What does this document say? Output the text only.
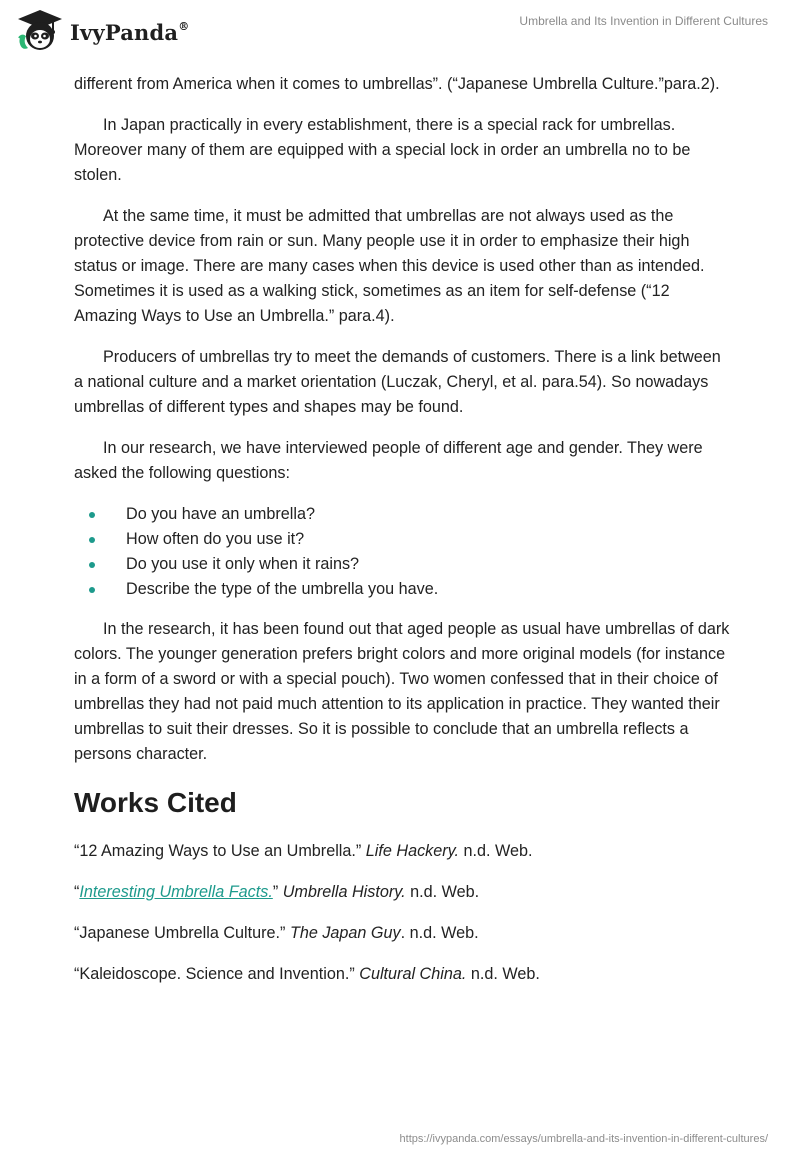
IvyPanda®	Umbrella and Its Invention in Different Cultures

different from America when it comes to umbrellas”. (“Japanese Umbrella Culture.”para.2).

In Japan practically in every establishment, there is a special rack for umbrellas. Moreover many of them are equipped with a special lock in order an umbrella no to be stolen.

At the same time, it must be admitted that umbrellas are not always used as the protective device from rain or sun. Many people use it in order to emphasize their high status or image. There are many cases when this device is used other than as intended. Sometimes it is used as a walking stick, sometimes as an item for self-defense (“12 Amazing Ways to Use an Umbrella.” para.4).

Producers of umbrellas try to meet the demands of customers. There is a link between a national culture and a market orientation (Luczak, Cheryl, et al. para.54). So nowadays umbrellas of different types and shapes may be found.

In our research, we have interviewed people of different age and gender. They were asked the following questions:

Do you have an umbrella?
How often do you use it?
Do you use it only when it rains?
Describe the type of the umbrella you have.

In the research, it has been found out that aged people as usual have umbrellas of dark colors. The younger generation prefers bright colors and more original models (for instance in a form of a sword or with a special pouch). Two women confessed that in their choice of umbrellas they had not paid much attention to its application in practice. They wanted their umbrellas to suit their dresses. So it is possible to conclude that an umbrella reflects a persons character.

Works Cited

“12 Amazing Ways to Use an Umbrella.” Life Hackery. n.d. Web.

“Interesting Umbrella Facts.” Umbrella History. n.d. Web.

“Japanese Umbrella Culture.” The Japan Guy. n.d. Web.

“Kaleidoscope. Science and Invention.” Cultural China. n.d. Web.

https://ivypanda.com/essays/umbrella-and-its-invention-in-different-cultures/
